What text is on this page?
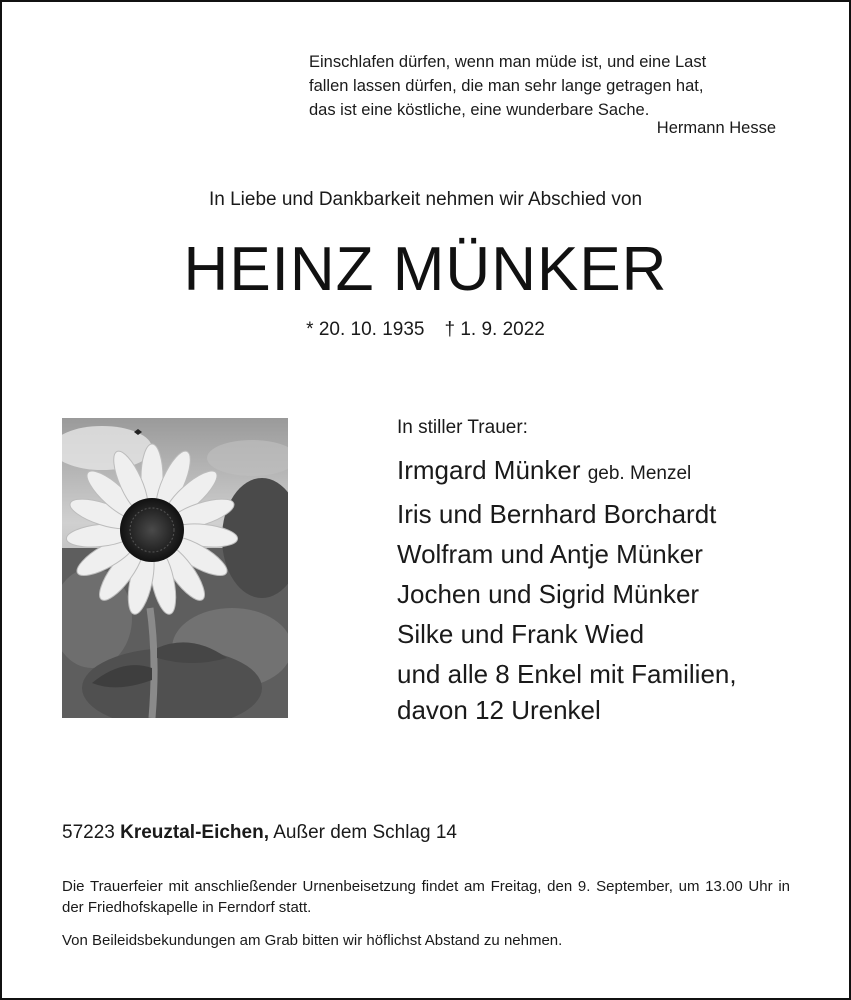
Einschlafen dürfen, wenn man müde ist, und eine Last
fallen lassen dürfen, die man sehr lange getragen hat,
das ist eine köstliche, eine wunderbare Sache.
Hermann Hesse
In Liebe und Dankbarkeit nehmen wir Abschied von
HEINZ MÜNKER
* 20. 10. 1935 † 1. 9. 2022
In stiller Trauer:
Irmgard Münker geb. Menzel
Iris und Bernhard Borchardt
Wolfram und Antje Münker
Jochen und Sigrid Münker
Silke und Frank Wied
und alle 8 Enkel mit Familien,
davon 12 Urenkel
57223 Kreuztal-Eichen, Außer dem Schlag 14
Die Trauerfeier mit anschließender Urnenbeisetzung findet am Freitag, den 9. September, um 13.00 Uhr in der Friedhofskapelle in Ferndorf statt.
Von Beileidsbekundungen am Grab bitten wir höflichst Abstand zu nehmen.
